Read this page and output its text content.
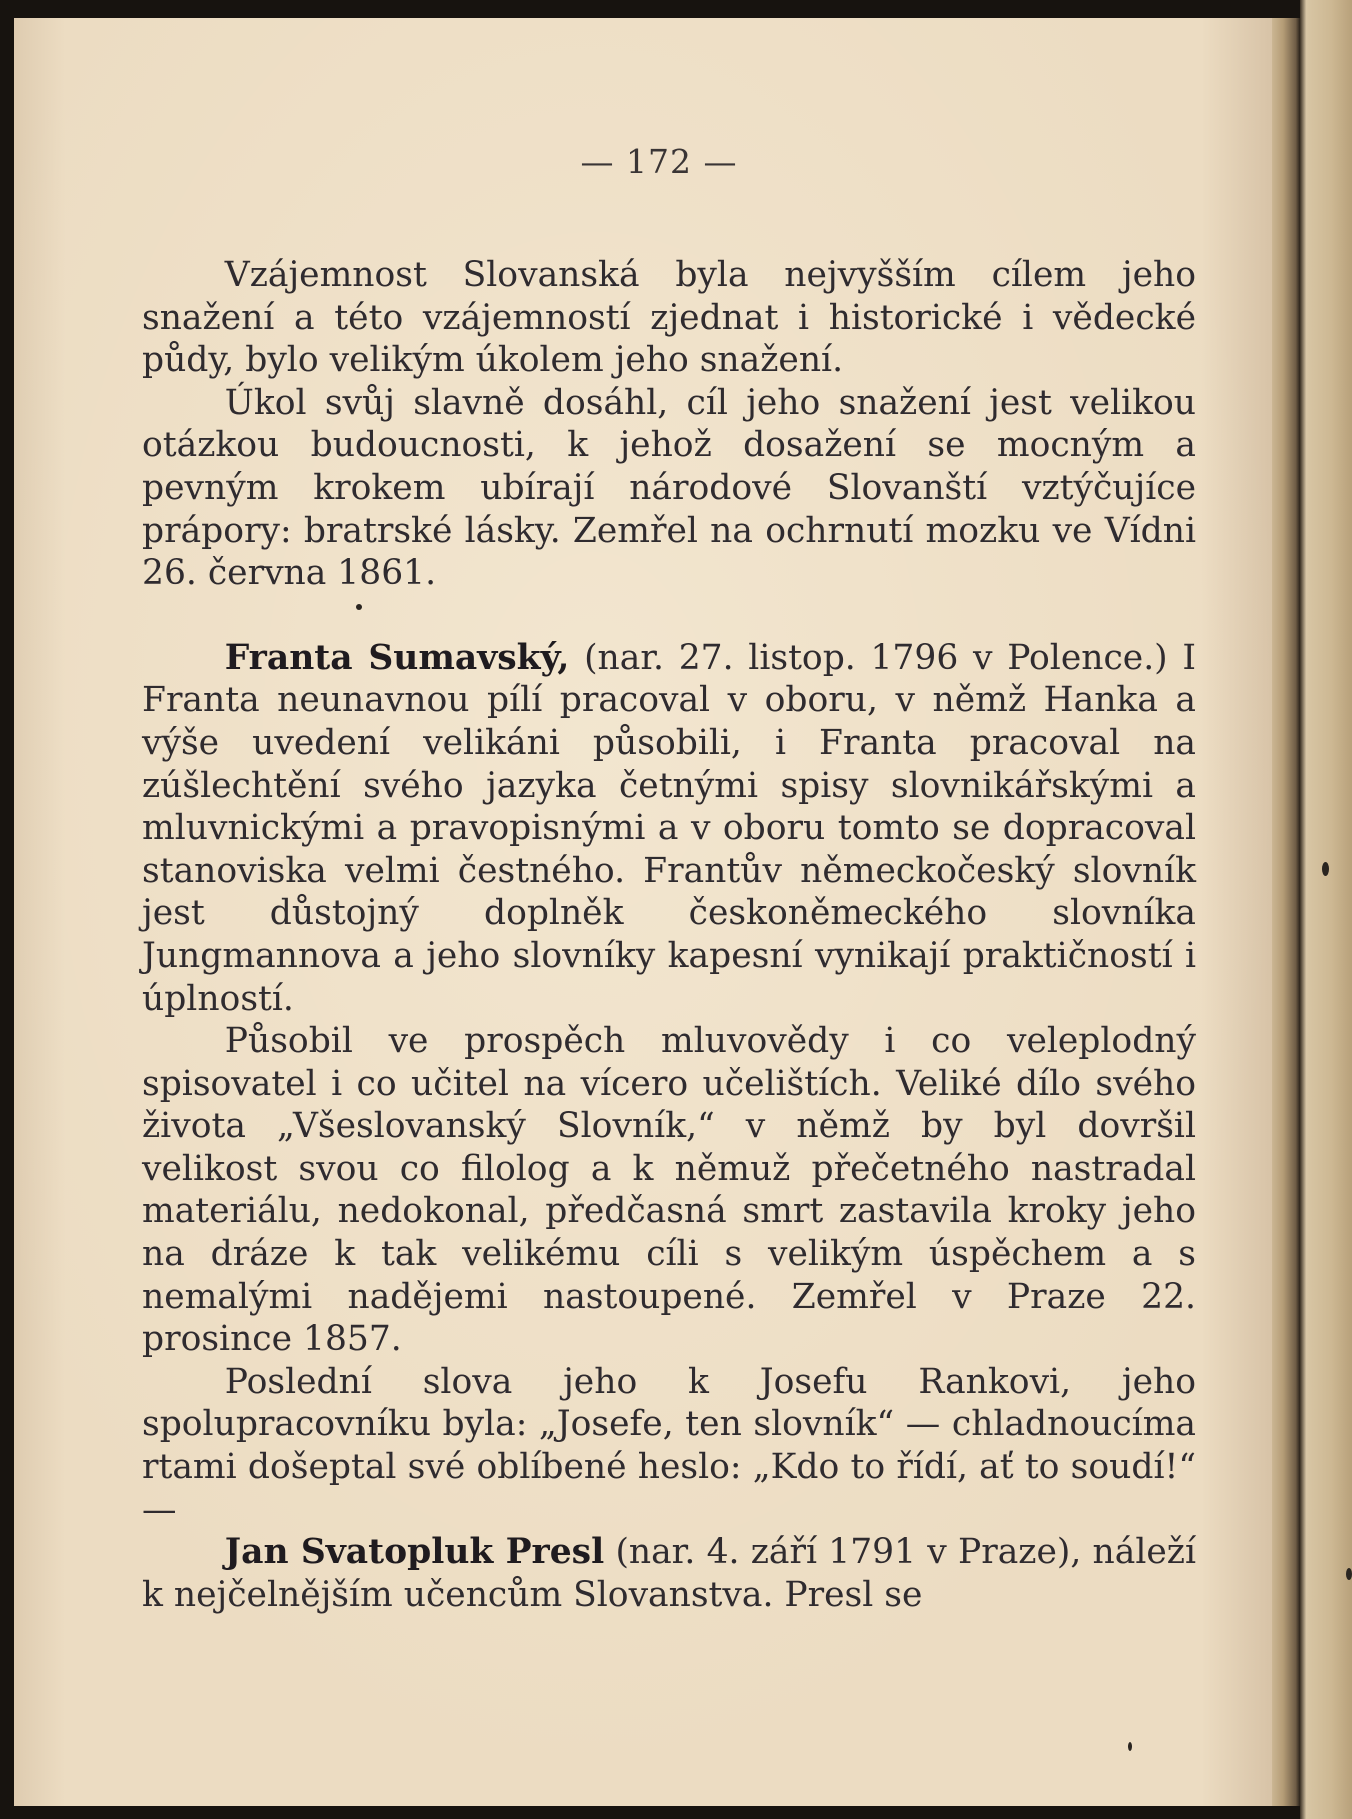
— 172 —

Vzájemnost Slovanská byla nejvyšším cílem jeho snažení a této vzájemností zjednat i historické i vědecké půdy, bylo velikým úkolem jeho snažení.

Úkol svůj slavně dosáhl, cíl jeho snažení jest velikou otázkou budoucnosti, k jehož dosažení se mocným a pevným krokem ubírají národové Slovanští vztýčujíce prápory: bratrské lásky. Zemřel na ochrnutí mozku ve Vídni 26. června 1861.

Franta Sumavský, (nar. 27. listop. 1796 v Polence.) I Franta neunavnou pílí pracoval v oboru, v němž Hanka a výše uvedení velikáni působili, i Franta pracoval na zúšlechtění svého jazyka četnými spisy slovnikářskými a mluvnickými a pravopisnými a v oboru tomto se dopracoval stanoviska velmi čestného. Frantův německočeský slovník jest důstojný doplněk českoněmeckého slovníka Jungmannova a jeho slovníky kapesní vynikají praktičností i úplností.

Působil ve prospěch mluvovědy i co veleplodný spisovatel i co učitel na vícero učelištích. Veliké dílo svého života „Všeslovanský Slovník,“ v němž by byl dovršil velikost svou co filolog a k němuž přečetného nastradal materiálu, nedokonal, předčasná smrt zastavila kroky jeho na dráze k tak velikému cíli s velikým úspěchem a s nemalými nadějemi nastoupené. Zemřel v Praze 22. prosince 1857.

Poslední slova jeho k Josefu Rankovi, jeho spolupracovníku byla: „Josefe, ten slovník“ — chladnoucíma rtami došeptal své oblíbené heslo: „Kdo to řídí, ať to soudí!“ —

Jan Svatopluk Presl (nar. 4. září 1791 v Praze), náleží k nejčelnějším učencům Slovanstva. Presl se
